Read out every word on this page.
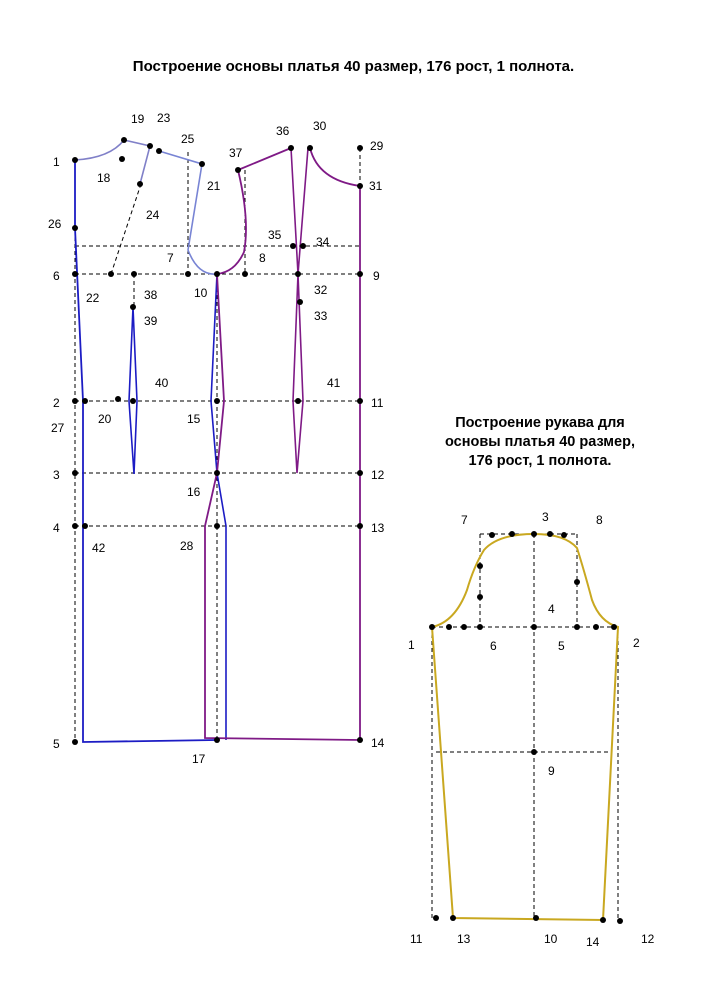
Построение основы платья 40 размер, 176 рост, 1 полнота.
Построение рукава для
основы платья 40 размер,
176 рост, 1 полнота.
1
2
3
4
5
6
7	8
9
10
11
12
13
14
15
16
17
18
19
20
21
22
23
24
25
26
27
28
29
30
31
32
33
34
35
36
37
38
39
40	41
42
1	2
3
4
5
6
7	8
9
10
11	12
13	14
